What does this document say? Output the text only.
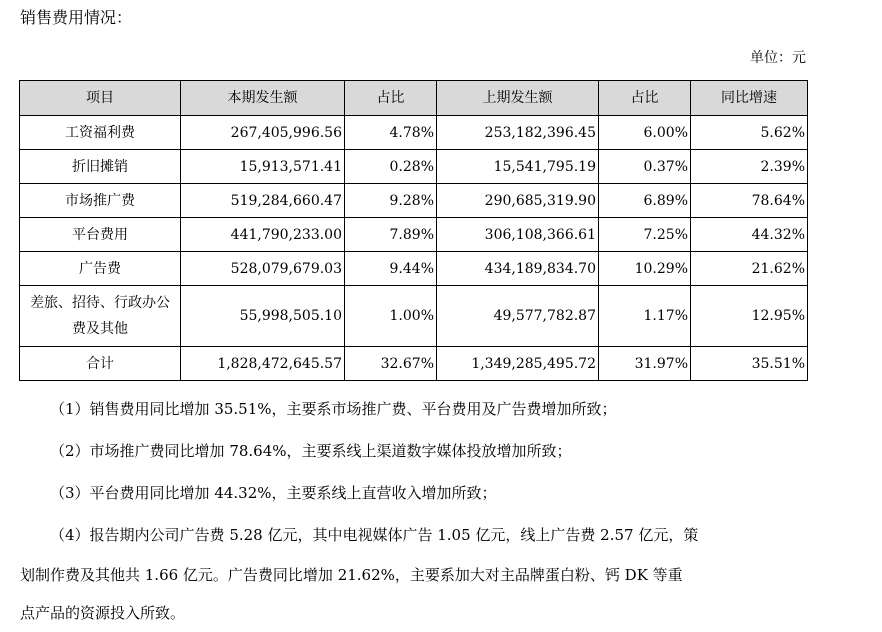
销售费用情况：
单位：元
项目	本期发生额	占比	上期发生额	占比	同比增速
工资福利费	267,405,996.56	4.78%	253,182,396.45	6.00%	5.62%
折旧摊销	15,913,571.41	0.28%	15,541,795.19	0.37%	2.39%
市场推广费	519,284,660.47	9.28%	290,685,319.90	6.89%	78.64%
平台费用	441,790,233.00	7.89%	306,108,366.61	7.25%	44.32%
广告费	528,079,679.03	9.44%	434,189,834.70	10.29%	21.62%
差旅、招待、行政办公
费及其他	55,998,505.10	1.00%	49,577,782.87	1.17%	12.95%
合计	1,828,472,645.57	32.67%	1,349,285,495.72	31.97%	35.51%

（1）销售费用同比增加 35.51%，主要系市场推广费、平台费用及广告费增加所致；

（2）市场推广费同比增加 78.64%，主要系线上渠道数字媒体投放增加所致；

（3）平台费用同比增加 44.32%，主要系线上直营收入增加所致；

（4）报告期内公司广告费 5.28 亿元，其中电视媒体广告 1.05 亿元，线上广告费 2.57 亿元，策

划制作费及其他共 1.66 亿元。广告费同比增加 21.62%，主要系加大对主品牌蛋白粉、钙 DK 等重

点产品的资源投入所致。
